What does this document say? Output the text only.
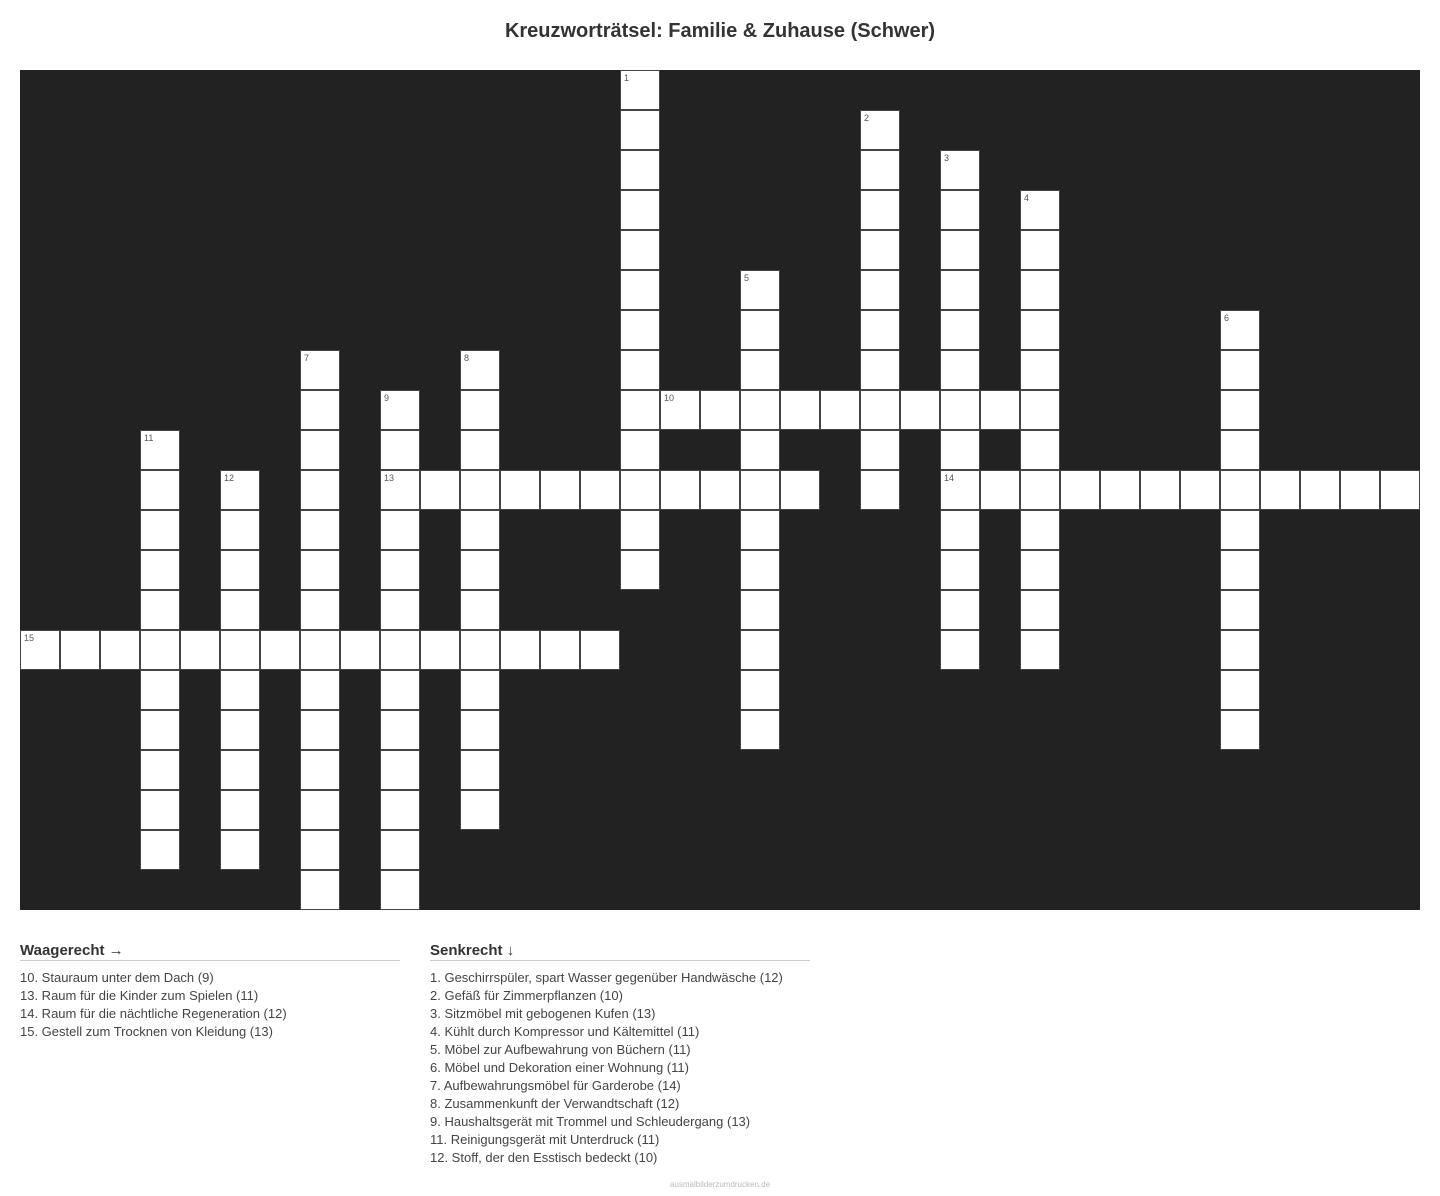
Kreuzworträtsel: Familie & Zuhause (Schwer)
1
2
3
14
4
5
6
7	8
9
13
10
11
12
15
Waagerecht →
10. Stauraum unter dem Dach (9)
13. Raum für die Kinder zum Spielen (11)
14. Raum für die nächtliche Regeneration (12)
15. Gestell zum Trocknen von Kleidung (13)
Senkrecht ↓
1. Geschirrspüler, spart Wasser gegenüber Handwäsche (12)
2. Gefäß für Zimmerpflanzen (10)
3. Sitzmöbel mit gebogenen Kufen (13)
4. Kühlt durch Kompressor und Kältemittel (11)
5. Möbel zur Aufbewahrung von Büchern (11)
6. Möbel und Dekoration einer Wohnung (11)
7. Aufbewahrungsmöbel für Garderobe (14)
8. Zusammenkunft der Verwandtschaft (12)
9. Haushaltsgerät mit Trommel und Schleudergang (13)
11. Reinigungsgerät mit Unterdruck (11)
12. Stoff, der den Esstisch bedeckt (10)
ausmalbilderzumdrucken.de
